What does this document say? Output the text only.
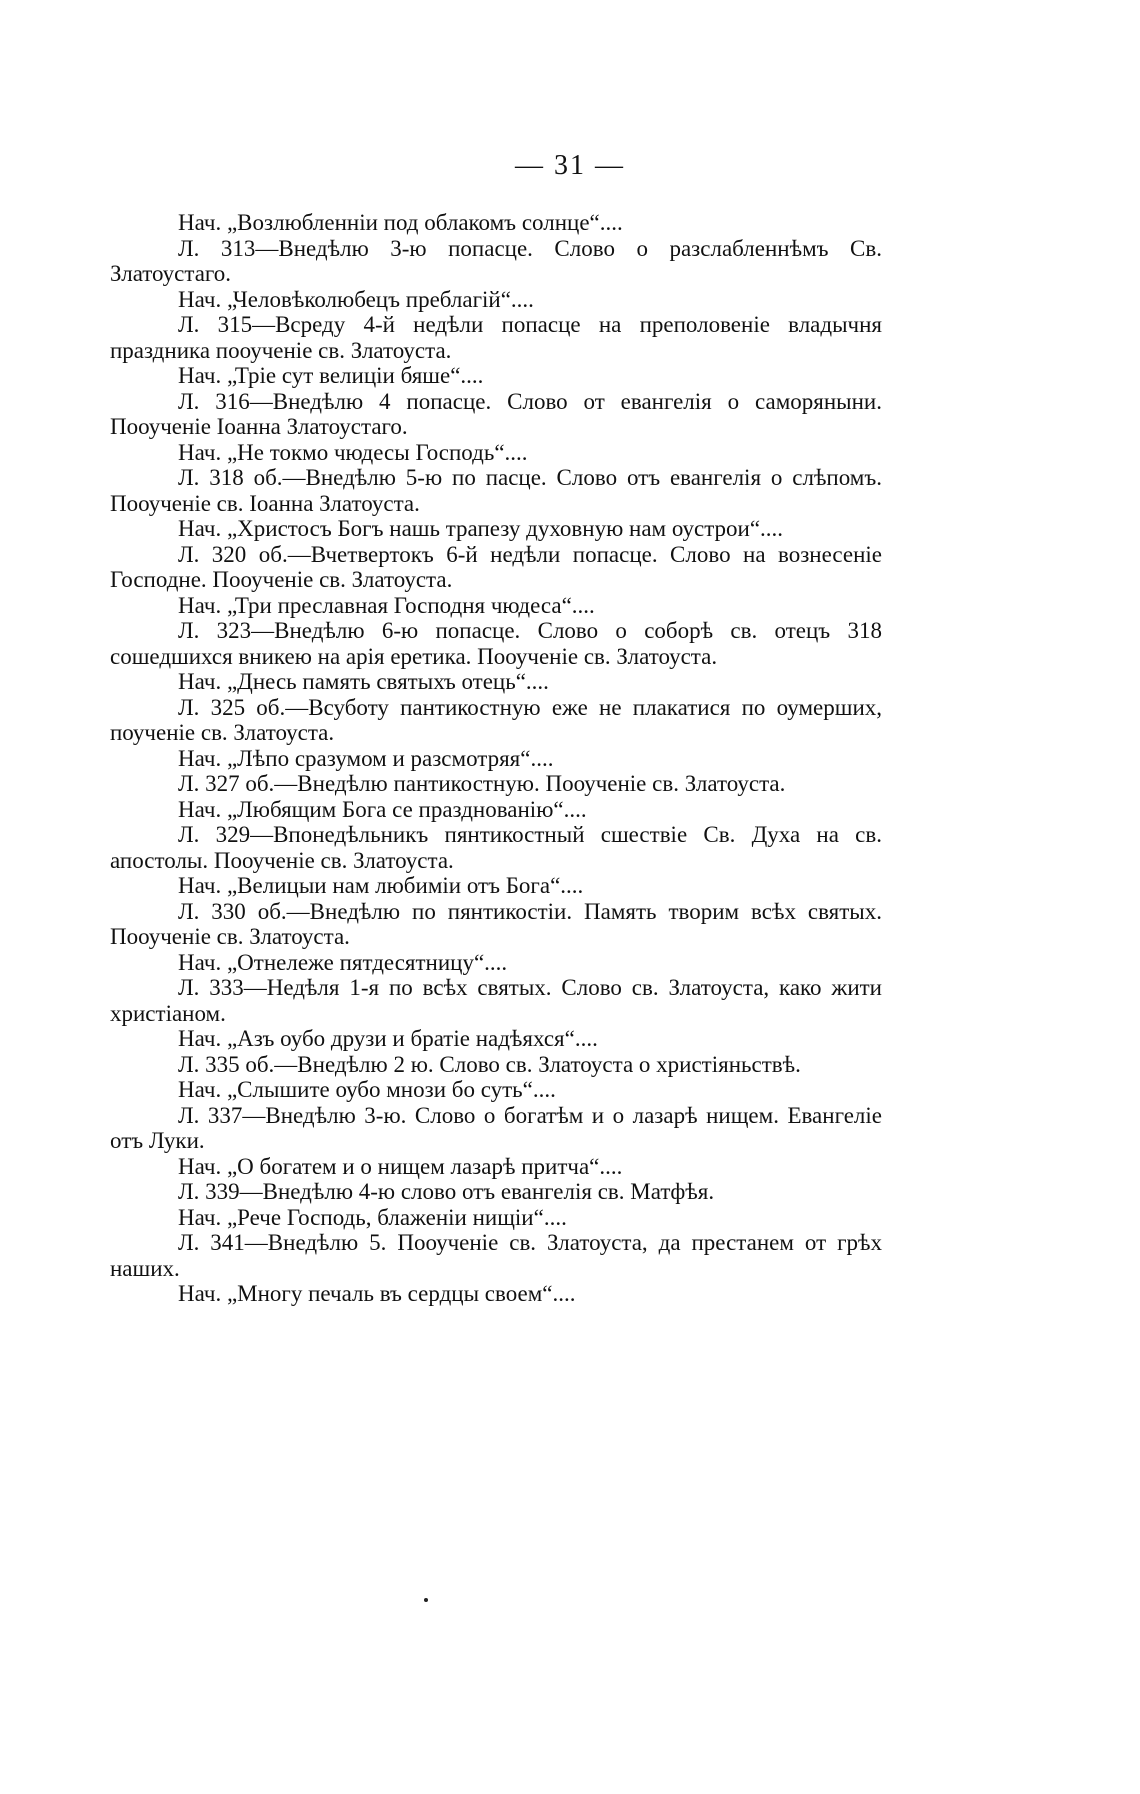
— 31 —

Нач. „Возлюбленніи под облакомъ солнце“....

Л. 313—Внедѣлю 3-ю попасце. Слово о разслабленнѣмъ Св. Златоустаго.

Нач. „Человѣколюбецъ преблагій“....

Л. 315—Всреду 4-й недѣли попасце на преполовеніе владычня праздника пооученіе св. Златоуста.

Нач. „Тріе сут велиціи бяше“....

Л. 316—Внедѣлю 4 попасце. Слово от евангелія о саморяныни. Пооученіе Іоанна Златоустаго.

Нач. „Не токмо чюдесы Господь“....

Л. 318 об.—Внедѣлю 5-ю по пасце. Слово отъ евангелія о слѣпомъ. Пооученіе св. Іоанна Златоуста.

Нач. „Христосъ Богъ нашь трапезу духовную нам оустрои“....

Л. 320 об.—Вчетвертокъ 6-й недѣли попасце. Слово на вознесеніе Господне. Пооученіе св. Златоуста.

Нач. „Три преславная Господня чюдеса“....

Л. 323—Внедѣлю 6-ю попасце. Слово о соборѣ св. отецъ 318 сошедшихся вникею на арія еретика. Пооученіе св. Златоуста.

Нач. „Днесь память святыхъ отець“....

Л. 325 об.—Всуботу пантикостную еже не плакатися по оумерших, поученіе св. Златоуста.

Нач. „Лѣпо сразумом и разсмотряя“....

Л. 327 об.—Внедѣлю пантикостную. Пооученіе св. Златоуста.

Нач. „Любящим Бога се празднованію“....

Л. 329—Впонедѣльникъ пянтикостный сшествіе Св. Духа на св. апостолы. Пооученіе св. Златоуста.

Нач. „Велицыи нам любиміи отъ Бога“....

Л. 330 об.—Внедѣлю по пянтикостіи. Память творим всѣх святых. Пооученіе св. Златоуста.

Нач. „Отнележе пятдесятницу“....

Л. 333—Недѣля 1-я по всѣх святых. Слово св. Златоуста, како жити христіаном.

Нач. „Азъ оубо друзи и братіе надѣяхся“....

Л. 335 об.—Внедѣлю 2 ю. Слово св. Златоуста о христіяньствѣ.

Нач. „Слышите оубо мнози бо суть“....

Л. 337—Внедѣлю 3-ю. Слово о богатѣм и о лазарѣ нищем. Евангеліе отъ Луки.

Нач. „О богатем и о нищем лазарѣ притча“....

Л. 339—Внедѣлю 4-ю слово отъ евангелія св. Матфѣя.

Нач. „Рече Господь, блаженіи нищіи“....

Л. 341—Внедѣлю 5. Пооученіе св. Златоуста, да престанем от грѣх наших.

Нач. „Многу печаль въ сердцы своем“....
